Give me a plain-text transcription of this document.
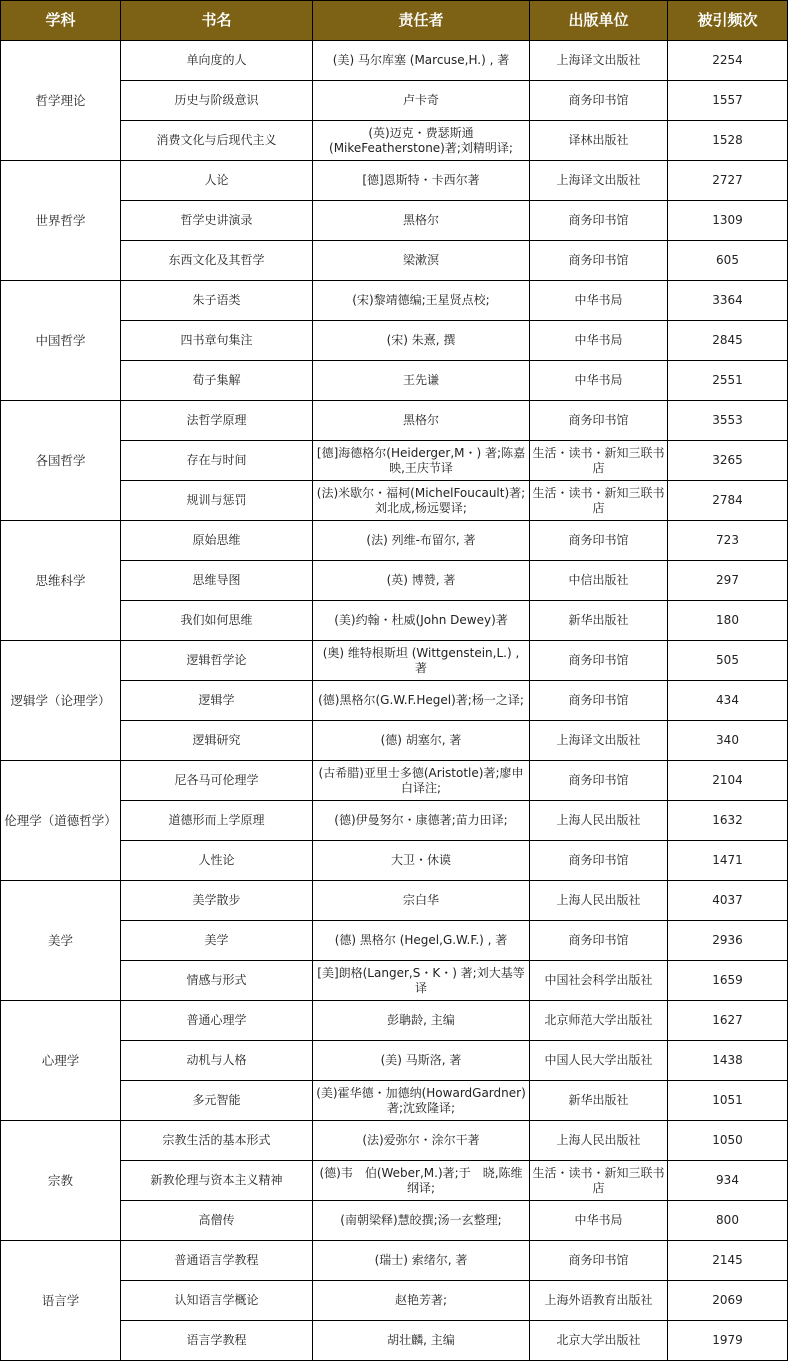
学科	书名	责任者	出版单位	被引频次
哲学理论	单向度的人	(美) 马尔库塞 (Marcuse,H.) , 著	上海译文出版社	2254
	历史与阶级意识	卢卡奇	商务印书馆	1557
	消费文化与后现代主义	(英)迈克・费瑟斯通(MikeFeatherstone)著;刘精明译;	译林出版社	1528
世界哲学	人论	[德]恩斯特・卡西尔著	上海译文出版社	2727
	哲学史讲演录	黑格尔	商务印书馆	1309
	东西文化及其哲学	梁漱溟	商务印书馆	605
中国哲学	朱子语类	(宋)黎靖德编;王星贤点校;	中华书局	3364
	四书章句集注	(宋) 朱熹, 撰	中华书局	2845
	荀子集解	王先谦	中华书局	2551
各国哲学	法哲学原理	黑格尔	商务印书馆	3553
	存在与时间	[德]海德格尔(Heiderger,M・) 著;陈嘉映,王庆节译	生活・读书・新知三联书店	3265
	规训与惩罚	(法)米歇尔・福柯(MichelFoucault)著;刘北成,杨远婴译;	生活・读书・新知三联书店	2784
思维科学	原始思维	(法) 列维-布留尔, 著	商务印书馆	723
	思维导图	(英) 博赞, 著	中信出版社	297
	我们如何思维	(美)约翰・杜威(John Dewey)著	新华出版社	180
逻辑学（论理学）	逻辑哲学论	(奥) 维特根斯坦 (Wittgenstein,L.) , 著	商务印书馆	505
	逻辑学	(德)黑格尔(G.W.F.Hegel)著;杨一之译;	商务印书馆	434
	逻辑研究	(德) 胡塞尔, 著	上海译文出版社	340
伦理学（道德哲学）	尼各马可伦理学	(古希腊)亚里士多德(Aristotle)著;廖申白译注;	商务印书馆	2104
	道德形而上学原理	(德)伊曼努尔・康德著;苗力田译;	上海人民出版社	1632
	人性论	大卫・休谟	商务印书馆	1471
美学	美学散步	宗白华	上海人民出版社	4037
	美学	(德) 黑格尔 (Hegel,G.W.F.) , 著	商务印书馆	2936
	情感与形式	[美]朗格(Langer,S・K・) 著;刘大基等译	中国社会科学出版社	1659
心理学	普通心理学	彭聃龄, 主编	北京师范大学出版社	1627
	动机与人格	(美) 马斯洛, 著	中国人民大学出版社	1438
	多元智能	(美)霍华德・加德纳(HowardGardner)著;沈致隆译;	新华出版社	1051
宗教	宗教生活的基本形式	(法)爱弥尔・涂尔干著	上海人民出版社	1050
	新教伦理与资本主义精神	(德)韦　伯(Weber,M.)著;于　晓,陈维纲译;	生活・读书・新知三联书店	934
	高僧传	(南朝梁释)慧皎撰;汤一玄整理;	中华书局	800
语言学	普通语言学教程	(瑞士) 索绪尔, 著	商务印书馆	2145
	认知语言学概论	赵艳芳著;	上海外语教育出版社	2069
	语言学教程	胡壮麟, 主编	北京大学出版社	1979
